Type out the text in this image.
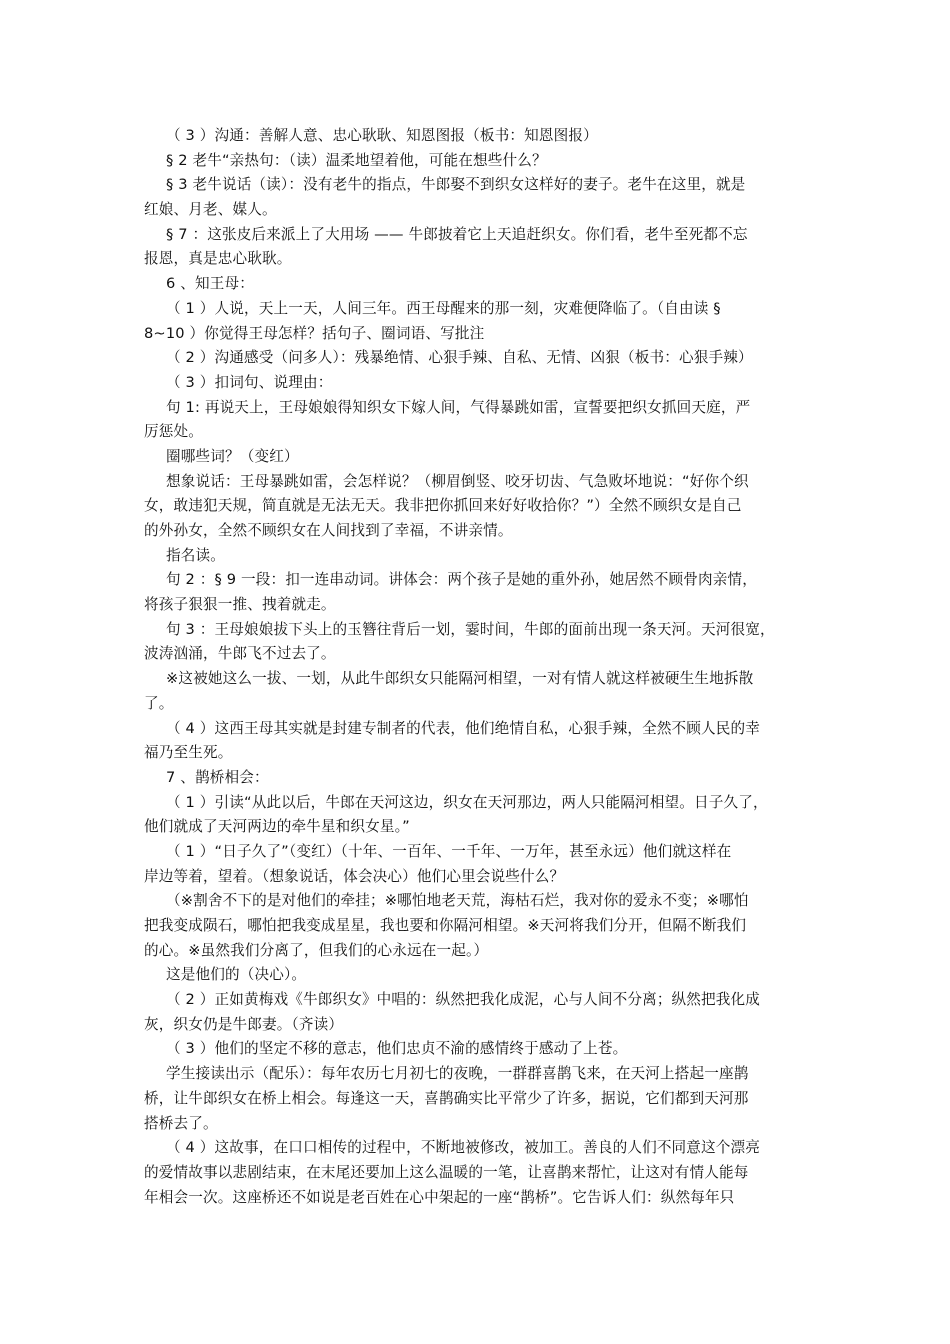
（ 3 ）沟通：善解人意、忠心耿耿、知恩图报（板书：知恩图报）
§ 2 老牛“亲热句：（读）温柔地望着他，可能在想些什么？
§ 3 老牛说话（读）：没有老牛的指点，牛郎娶不到织女这样好的妻子。老牛在这里，就是
红娘、月老、媒人。
§ 7 ：这张皮后来派上了大用场 —— 牛郎披着它上天追赶织女。你们看，老牛至死都不忘
报恩，真是忠心耿耿。
6 、知王母：
（ 1 ）人说，天上一天，人间三年。西王母醒来的那一刻，灾难便降临了。（自由读 §
8~10 ）你觉得王母怎样？括句子、圈词语、写批注
（ 2 ）沟通感受（问多人）：残暴绝情、心狠手辣、自私、无情、凶狠（板书：心狠手辣）
（ 3 ）扣词句、说理由：
句 1: 再说天上，王母娘娘得知织女下嫁人间，气得暴跳如雷，宣誓要把织女抓回天庭，严
厉惩处。
圈哪些词？（变红）
想象说话：王母暴跳如雷，会怎样说？（柳眉倒竖、咬牙切齿、气急败坏地说：“好你个织
女，敢违犯天规，简直就是无法无天。我非把你抓回来好好收拾你？”）全然不顾织女是自己
的外孙女，全然不顾织女在人间找到了幸福，不讲亲情。
指名读。
句 2 ：§ 9 一段：扣一连串动词。讲体会：两个孩子是她的重外孙，她居然不顾骨肉亲情，
将孩子狠狠一推、拽着就走。
句 3 ：王母娘娘拔下头上的玉簪往背后一划，霎时间，牛郎的面前出现一条天河。天河很宽，
波涛汹涌，牛郎飞不过去了。
※这被她这么一拔、一划，从此牛郎织女只能隔河相望，一对有情人就这样被硬生生地拆散
了。
（ 4 ）这西王母其实就是封建专制者的代表，他们绝情自私，心狠手辣，全然不顾人民的幸
福乃至生死。
7 、鹊桥相会：
（ 1 ）引读“从此以后，牛郎在天河这边，织女在天河那边，两人只能隔河相望。日子久了，
他们就成了天河两边的牵牛星和织女星。”
（ 1 ）“日子久了”（变红）（十年、一百年、一千年、一万年，甚至永远）他们就这样在
岸边等着，望着。（想象说话，体会决心）他们心里会说些什么？
（※割舍不下的是对他们的牵挂；※哪怕地老天荒，海枯石烂，我对你的爱永不变；※哪怕
把我变成陨石，哪怕把我变成星星，我也要和你隔河相望。※天河将我们分开，但隔不断我们
的心。※虽然我们分离了，但我们的心永远在一起。）
这是他们的（决心）。
（ 2 ）正如黄梅戏《牛郎织女》中唱的：纵然把我化成泥，心与人间不分离；纵然把我化成
灰，织女仍是牛郎妻。（齐读）
（ 3 ）他们的坚定不移的意志，他们忠贞不渝的感情终于感动了上苍。
学生接读出示（配乐）：每年农历七月初七的夜晚，一群群喜鹊飞来，在天河上搭起一座鹊
桥，让牛郎织女在桥上相会。每逢这一天，喜鹊确实比平常少了许多，据说，它们都到天河那
搭桥去了。
（ 4 ）这故事，在口口相传的过程中，不断地被修改，被加工。善良的人们不同意这个漂亮
的爱情故事以悲剧结束，在末尾还要加上这么温暖的一笔，让喜鹊来帮忙，让这对有情人能每
年相会一次。这座桥还不如说是老百姓在心中架起的一座“鹊桥”。它告诉人们：纵然每年只
